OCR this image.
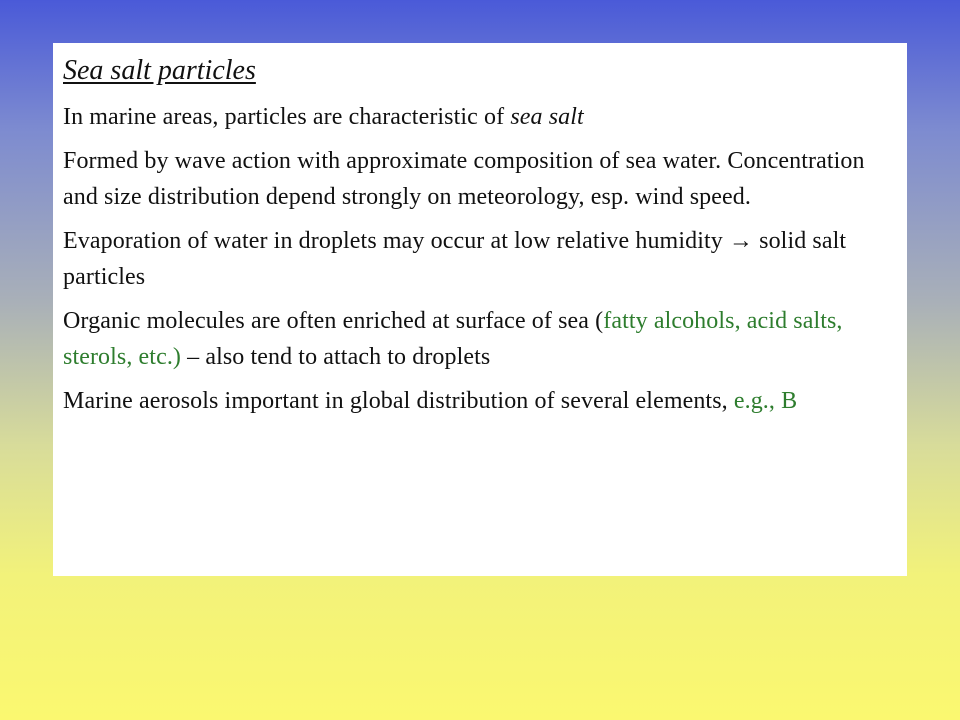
Sea salt particles

In marine areas, particles are characteristic of sea salt

Formed by wave action with approximate composition of sea water. Concentration and size distribution depend strongly on meteorology, esp. wind speed.

Evaporation of water in droplets may occur at low relative humidity → solid salt particles

Organic molecules are often enriched at surface of sea (fatty alcohols, acid salts, sterols, etc.) – also tend to attach to droplets

Marine aerosols important in global distribution of several elements, e.g., B
